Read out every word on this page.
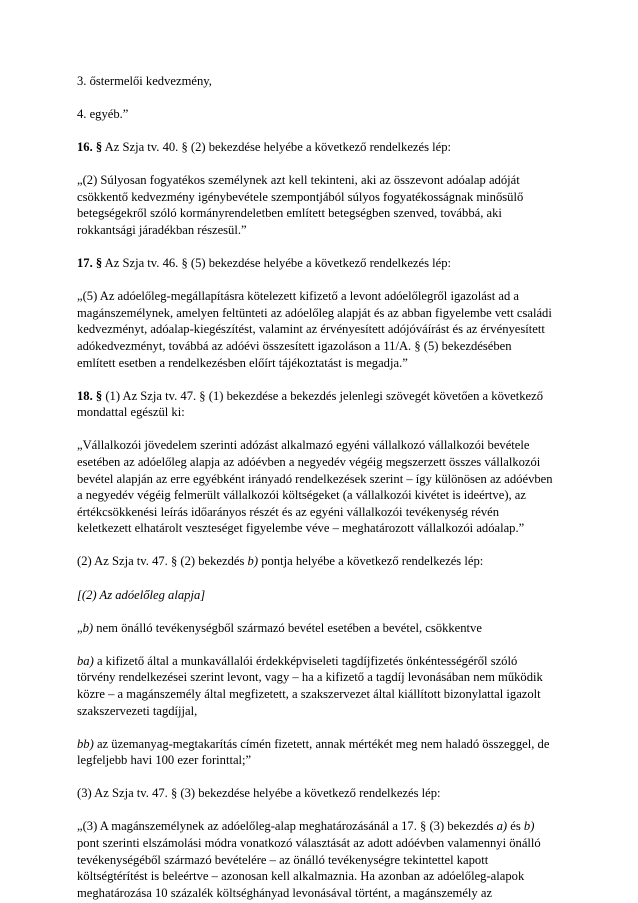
3. őstermelői kedvezmény,
4. egyéb.”
16. § Az Szja tv. 40. § (2) bekezdése helyébe a következő rendelkezés lép:
„(2) Súlyosan fogyatékos személynek azt kell tekinteni, aki az összevont adóalap adóját
csökkentő kedvezmény igénybevétele szempontjából súlyos fogyatékosságnak minősülő
betegségekről szóló kormányrendeletben említett betegségben szenved, továbbá, aki
rokkantsági járadékban részesül.”
17. § Az Szja tv. 46. § (5) bekezdése helyébe a következő rendelkezés lép:
„(5) Az adóelőleg-megállapításra kötelezett kifizető a levont adóelőlegről igazolást ad a
magánszemélynek, amelyen feltünteti az adóelőleg alapját és az abban figyelembe vett családi
kedvezményt, adóalap-kiegészítést, valamint az érvényesített adójóváírást és az érvényesített
adókedvezményt, továbbá az adóévi összesített igazoláson a 11/A. § (5) bekezdésében
említett esetben a rendelkezésben előírt tájékoztatást is megadja.”
18. § (1) Az Szja tv. 47. § (1) bekezdése a bekezdés jelenlegi szövegét követően a következő
mondattal egészül ki:
„Vállalkozói jövedelem szerinti adózást alkalmazó egyéni vállalkozó vállalkozói bevétele
esetében az adóelőleg alapja az adóévben a negyedév végéig megszerzett összes vállalkozói
bevétel alapján az erre egyébként irányadó rendelkezések szerint – így különösen az adóévben
a negyedév végéig felmerült vállalkozói költségeket (a vállalkozói kivétet is ideértve), az
értékcsökkenési leírás időarányos részét és az egyéni vállalkozói tevékenység révén
keletkezett elhatárolt veszteséget figyelembe véve – meghatározott vállalkozói adóalap.”
(2) Az Szja tv. 47. § (2) bekezdés b) pontja helyébe a következő rendelkezés lép:
[(2) Az adóelőleg alapja]
„b) nem önálló tevékenységből származó bevétel esetében a bevétel, csökkentve
ba) a kifizető által a munkavállalói érdekképviseleti tagdíjfizetés önkéntességéről szóló
törvény rendelkezései szerint levont, vagy – ha a kifizető a tagdíj levonásában nem működik
közre – a magánszemély által megfizetett, a szakszervezet által kiállított bizonylattal igazolt
szakszervezeti tagdíjjal,
bb) az üzemanyag-megtakarítás címén fizetett, annak mértékét meg nem haladó összeggel, de
legfeljebb havi 100 ezer forinttal;”
(3) Az Szja tv. 47. § (3) bekezdése helyébe a következő rendelkezés lép:
„(3) A magánszemélynek az adóelőleg-alap meghatározásánál a 17. § (3) bekezdés a) és b)
pont szerinti elszámolási módra vonatkozó választását az adott adóévben valamennyi önálló
tevékenységéből származó bevételére – az önálló tevékenységre tekintettel kapott
költségtérítést is beleértve – azonosan kell alkalmaznia. Ha azonban az adóelőleg-alapok
meghatározása 10 százalék költséghányad levonásával történt, a magánszemély az
